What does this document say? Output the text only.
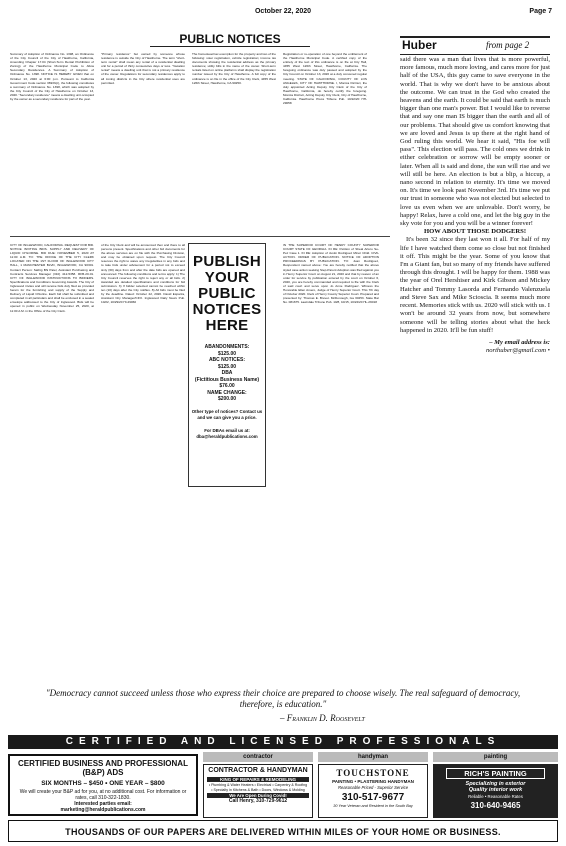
October 22, 2020	Page 7
PUBLIC NOTICES

Summary of Adoption of Ordinance No. 1398, an Ordinance of the City Council of the City of Hawthorne, California, Amending Chapter 17.04 (Short-Term Rental Prohibition of Zoning) of the Hawthorne Municipal Code to Allow Secondary Residences. A Summary of Adoption of Ordinance No. 1398. NOTICE IS HEREBY GIVEN that on October 13, 2020 at 6:00 p.m. Pursuant to California Government Code section 36933(c), the following constitutes a summary of Ordinance No. 1398, which was adopted by the City Council of the City of Hawthorne on October 13, 2020. "Secondary residence" means a dwelling unit occupied by the owner as a secondary residence for part of the year.

"Primary residence" but owned by someone whose residence is outside the City of Hawthorne. The term "short-term rental" shall mean any rental of a residential dwelling unit for a period of thirty consecutive days or less. "Vacation rental" means a dwelling unit that is not a primary residence of the owner. Regulations for secondary residences apply to all zoning districts in the City where residential uses are permitted.

The homestead tax exemption for the property and two of the following: voter registration, vehicle registration; income tax documents showing the residential address as the primary residence; utility bills in the name of the owner. Short-term rentals listed on online platforms shall display the registration number issued by the City of Hawthorne. A full copy of the ordinance is on file in the office of the City Clerk, 4455 West 126th Street, Hawthorne, CA 90250.

Registration or re-operation of one beyond the entitlement of the Hawthorne Municipal Code. A certified copy of the entirety of the text of this ordinance is on file at City Hall, 4455 West 126th Street, Hawthorne, California. The foregoing ordinance was duly passed and adopted by the City Council on October 13, 2020 at a duly convened regular meeting. STATE OF CALIFORNIA, COUNTY OF LOS ANGELES, CITY OF HAWTHORNE. I, Monica Dicrisci, the duly appointed Acting Deputy City Clerk of the City of Hawthorne, California, do hereby certify the foregoing. Monica Dicrisci, Acting Deputy City Clerk, City of Hawthorne, California. Hawthorne Press Tribune Pub. 10/22/20 HH-29058

CITY OF INGLEWOOD, CALIFORNIA. REQUEST FOR BID. NOTICE INVITING BIDS. SUPPLY AND DELIVERY OF LIQUID CHLORINE. BID DUE: NOVEMBER 5, 2020 AT 11:00 A.M. TO: THE OFFICE OF THE CITY CLERK LOCATED ON THE 1ST FLOOR OF INGLEWOOD CITY HALL, 1 MANCHESTER BLVD, INGLEWOOD, CA 90301. Contact Person: Sathig Bhi Patel, Assistant Purchasing and Contracts Services Manager (310) 412-5358. RFB-20-01. CITY OF INGLEWOOD INSTRUCTIONS TO BIDDERS. Specifications and Conditions Governing Awards. The City of Inglewood invites and will receive bids duly filed as provided herein for the furnishing and supply of the Supply and Delivery of Liquid Chlorine. Each bid shall be submitted and completed in all particulars and shall be enclosed in a sealed envelope addressed to the City of Inglewood. Bids will be opened in public on Wednesday November 25, 2020, at 11:00 A.M. in the Office of the City Clerk.

of the City Clerk and will be announced then and there to all persons present. Specifications and other bid documents for the above services are on file with the Purchasing Division, and may be obtained upon request. The City Council reserves the right to waive any irregularities in any bids and to take bids under advisement for a period not to exceed sixty (60) days from and after the date bids are opened and announced. The following conditions and terms apply: 1) The City Council reserves the right to reject any or all bids. 2) Awarded are detailed specifications and conditions for bid submission. 3) If bidder selected cannot be reached within ten (10) days after the City notifies. 8) All bids must be filed by the deadline. Dated: October 22, 2020. David Esparza, Assistant City Manager/CFO. Inglewood Daily News Pub. 10/22, 10/29/20 HI-29060

PUBLISH
YOUR
PUBLIC
NOTICES
HERE
ABANDONMENTS:
$125.00
ABC NOTICES:
$125.00
DBA
(Fictitious Business Name)
$76.00
NAME CHANGE:
$200.00
Other type of notices? Contact us and we can give you a price.
For DBAs email us at: dba@heraldpublications.com

IN THE SUPERIOR COURT OF HENRY COUNTY SUPERIOR COURT STATE OF GEORGIA. IN RE: Petition of Sheal Arturo Se-Pez Case 1. IN RE: Adoption of Justin Rodriguez Minor Child. CIVIL ACTION. ORDER OF PUBLICATION. NOTICE OF ADOPTION PROCEEDINGS BY PUBLICATION. TO: Juan Rodriguez, Respondent named above: You are hereby notified that the above styled case action seeking Step-Parent Adoption was filed against you in Henry Superior Court on August 21, 2020 and that by reason of an order for service by publication entered by the court on October 6, 2020, you are hereby commanded and required to file with the Clerk of said court and serve upon Jo Anne Rodriguez. Witness the Honorable Ellen Amero, Judge of Henry Superior Court. This 7th day of October 2020. Clerk of Henry County Superior Court. Prepared and presented by: Thomas E. Brevet. McDonough, Ga 30253. State Bar No. 081675. Lawndale Tribune Pub. 10/8, 10/15, 10/22/20 HL-29018

Huber	from page 2

said there was a man that lives that is more powerful, more famous, much more loving, and cares more for just half of the USA, this guy came to save everyone in the world. That is why we don't have to be anxious about the outcome. We can trust in the God who created the heavens and the earth. It could be said that earth is much bigger than one man's power. But I would like to reverse that and say one man IS bigger than the earth and all of our problems. That should give us comfort knowing that we are loved and Jesus is up there at the right hand of God ruling this world. We hear it said, "His foe will pass". This election will pass. The cold ones we drink in either celebration or sorrow will be empty sooner or later. When all is said and done, the sun will rise and we will still be here. An election is but a blip, a hiccup, a nano second in relation to eternity. It's time we moved on. It's time we look past November 3rd. It's time we put our trust in someone who was not elected but selected to love us even when we are unlovable. Don't worry, be happy! Relax, have a cold one, and let the big guy in the sky vote for you and you will be a winner forever!

HOW ABOUT THOSE DODGERS!

It's been 32 since they last won it all. For half of my life I have watched them come so close but not finished it off. This might be the year. Some of you know that I'm a Giant fan, but so many of my friends have suffered through this drought. I will be happy for them. 1988 was the year of Orel Hershiser and Kirk Gibson and Mickey Hatcher and Tommy Lasorda and Fernando Valenzuela and Steve Sax and Mike Scioscia. It seems much more recent. Memories stick with us. 2020 will stick with us. I won't be around 32 years from now, but somewhere someone will be telling stories about what the heck happened in 2020. It'll be fun stuff!

– My email address is:

northuber@gmail.com •

"Democracy cannot succeed unless those who express their choice are prepared to choose wisely. The real safeguard of democracy, therefore, is education."
– Franklin D. Roosevelt
CERTIFIED AND LICENSED PROFESSIONALS
CERTIFIED BUSINESS AND PROFESSIONAL (B&P) ADS
SIX MONTHS – $450 • ONE YEAR – $800
We will create your B&P ad for you, at no additional cost. For information or rates, call 310-322-1830.
Interested parties email:
marketing@heraldpublications.com
contractor	handyman	painting
CONTRACTOR & HANDYMAN
KING OF REPAIRS & REMODELING
• Plumbing & Water Heaters • Electrical • Carpentry & Roofing • Specialty in Kitchens & Bath • Doors, Windows & Molding
We Are Open During Covid!
Call Henry, 310-729-9612
TOUCHSTONE
PAINTING • PLASTERING HANDYMAN
Reasonable Priced - Superior Service
310-517-9677
30 Year Veteran and Resident in the South Bay
RICH'S PAINTING
Specializing in exterior
Quality interior work
Reliable • Reasonable Rates
310-640-9465
THOUSANDS OF OUR PAPERS ARE DELIVERED WITHIN MILES OF YOUR HOME OR BUSINESS.
